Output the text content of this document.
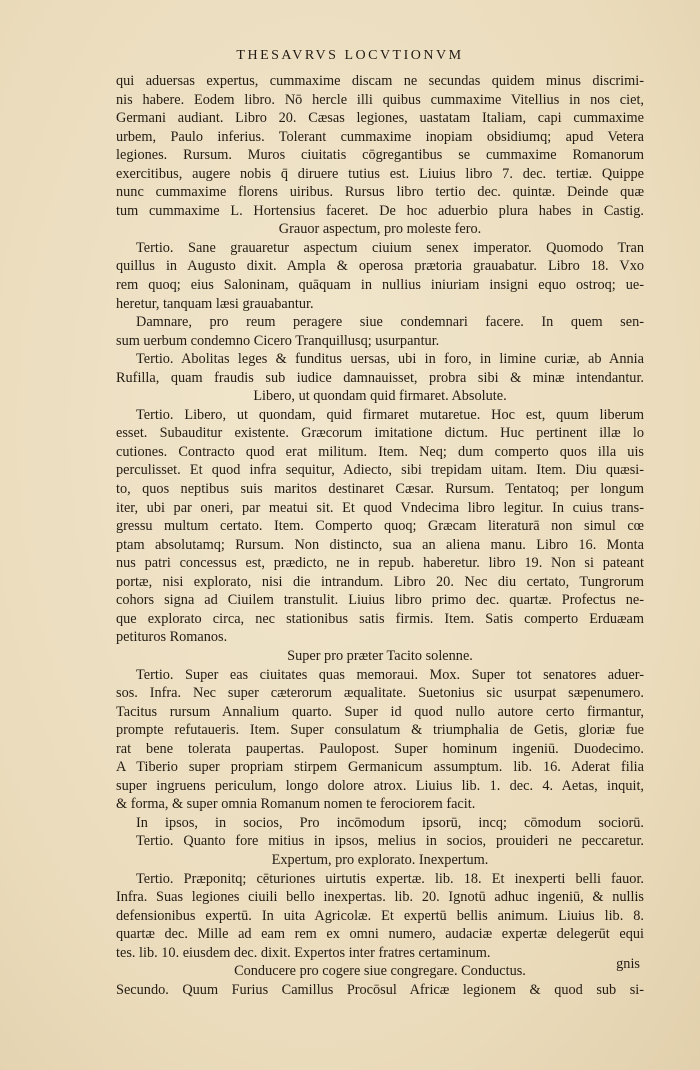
THESAVRVS LOCVTIONVM
qui aduersas expertus, cummaxime discam ne secundas quidem minus discrimi-
nis habere. Eodem libro. Nō hercle illi quibus cummaxime Vitellius in nos ciet,
Germani audiant. Libro 20. Cæsas legiones, uastatam Italiam, capi cummaxime
urbem, Paulo inferius. Tolerant cummaxime inopiam obsidiumq; apud Vetera
legiones. Rursum. Muros ciuitatis cōgregantibus se cummaxime Romanorum
exercitibus, augere nobis q̄ diruere tutius est. Liuius libro 7. dec. tertiæ. Quippe
nunc cummaxime florens uiribus. Rursus libro tertio dec. quintæ. Deinde quæ
tum cummaxime L. Hortensius faceret. De hoc aduerbio plura habes in Castig.
Grauor aspectum, pro moleste fero.
Tertio. Sane grauaretur aspectum ciuium senex imperator. Quomodo Tran
quillus in Augusto dixit. Ampla & operosa prætoria grauabatur. Libro 18. Vxo
rem quoq; eius Saloninam, quāquam in nullius iniuriam insigni equo ostroq; ue-
heretur, tanquam læsi grauabantur.
Damnare, pro reum peragere siue condemnari facere. In quem sen-
sum uerbum condemno Cicero Tranquillusq; usurpantur.
Tertio. Abolitas leges & funditus uersas, ubi in foro, in limine curiæ, ab Annia
Rufilla, quam fraudis sub iudice damnauisset, probra sibi & minæ intendantur.
Libero, ut quondam quid firmaret. Absolute.
Tertio. Libero, ut quondam, quid firmaret mutaretue. Hoc est, quum liberum
esset. Subauditur existente. Græcorum imitatione dictum. Huc pertinent illæ lo
cutiones. Contracto quod erat militum. Item. Neq; dum comperto quos illa uis
perculisset. Et quod infra sequitur, Adiecto, sibi trepidam uitam. Item. Diu quæsi-
to, quos neptibus suis maritos destinaret Cæsar. Rursum. Tentatoq; per longum
iter, ubi par oneri, par meatui sit. Et quod Vndecima libro legitur. In cuius trans-
gressu multum certato. Item. Comperto quoq; Græcam literaturā non simul cœ
ptam absolutamq; Rursum. Non distincto, sua an aliena manu. Libro 16. Monta
nus patri concessus est, prædicto, ne in repub. haberetur. libro 19. Non si pateant
portæ, nisi explorato, nisi die intrandum. Libro 20. Nec diu certato, Tungrorum
cohors signa ad Ciuilem transtulit. Liuius libro primo dec. quartæ. Profectus ne-
que explorato circa, nec stationibus satis firmis. Item. Satis comperto Erduæam
petituros Romanos.
Super pro præter Tacito solenne.
Tertio. Super eas ciuitates quas memoraui. Mox. Super tot senatores aduer-
sos. Infra. Nec super cæterorum æqualitate. Suetonius sic usurpat sæpenumero.
Tacitus rursum Annalium quarto. Super id quod nullo autore certo firmantur,
prompte refutaueris. Item. Super consulatum & triumphalia de Getis, gloriæ fue
rat bene tolerata paupertas. Paulopost. Super hominum ingeniū. Duodecimo.
A Tiberio super propriam stirpem Germanicum assumptum. lib. 16. Aderat filia
super ingruens periculum, longo dolore atrox. Liuius lib. 1. dec. 4. Aetas, inquit,
& forma, & super omnia Romanum nomen te ferociorem facit.
In ipsos, in socios, Pro incōmodum ipsorū, incq; cōmodum sociorū.
Tertio. Quanto fore mitius in ipsos, melius in socios, prouideri ne peccaretur.
Expertum, pro explorato. Inexpertum.
Tertio. Præponitq; cēturiones uirtutis expertæ. lib. 18. Et inexperti belli fauor.
Infra. Suas legiones ciuili bello inexpertas. lib. 20. Ignotū adhuc ingeniū, & nullis
defensionibus expertū. In uita Agricolæ. Et expertū bellis animum. Liuius lib. 8.
quartæ dec. Mille ad eam rem ex omni numero, audaciæ expertæ delegerūt equi
tes. lib. 10. eiusdem dec. dixit. Expertos inter fratres certaminum.
Conducere pro cogere siue congregare. Conductus.
Secundo. Quum Furius Camillus Procōsul Africæ legionem & quod sub si-
gnis
